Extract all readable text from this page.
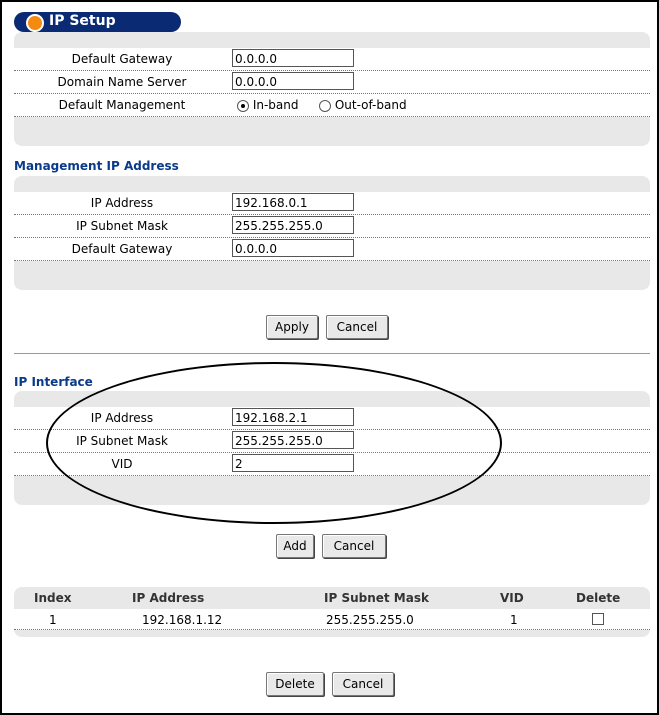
IP Setup
Default Gateway	0.0.0.0
Domain Name Server	0.0.0.0
Default Management	In-band	Out-of-band
Management IP Address
IP Address	192.168.0.1
IP Subnet Mask	255.255.255.0
Default Gateway	0.0.0.0
Apply	Cancel
IP Interface
IP Address	192.168.2.1
IP Subnet Mask	255.255.255.0
VID	2
Add	Cancel
Index	IP Address	IP Subnet Mask	VID	Delete
1	192.168.1.12	255.255.255.0	1
Delete	Cancel
